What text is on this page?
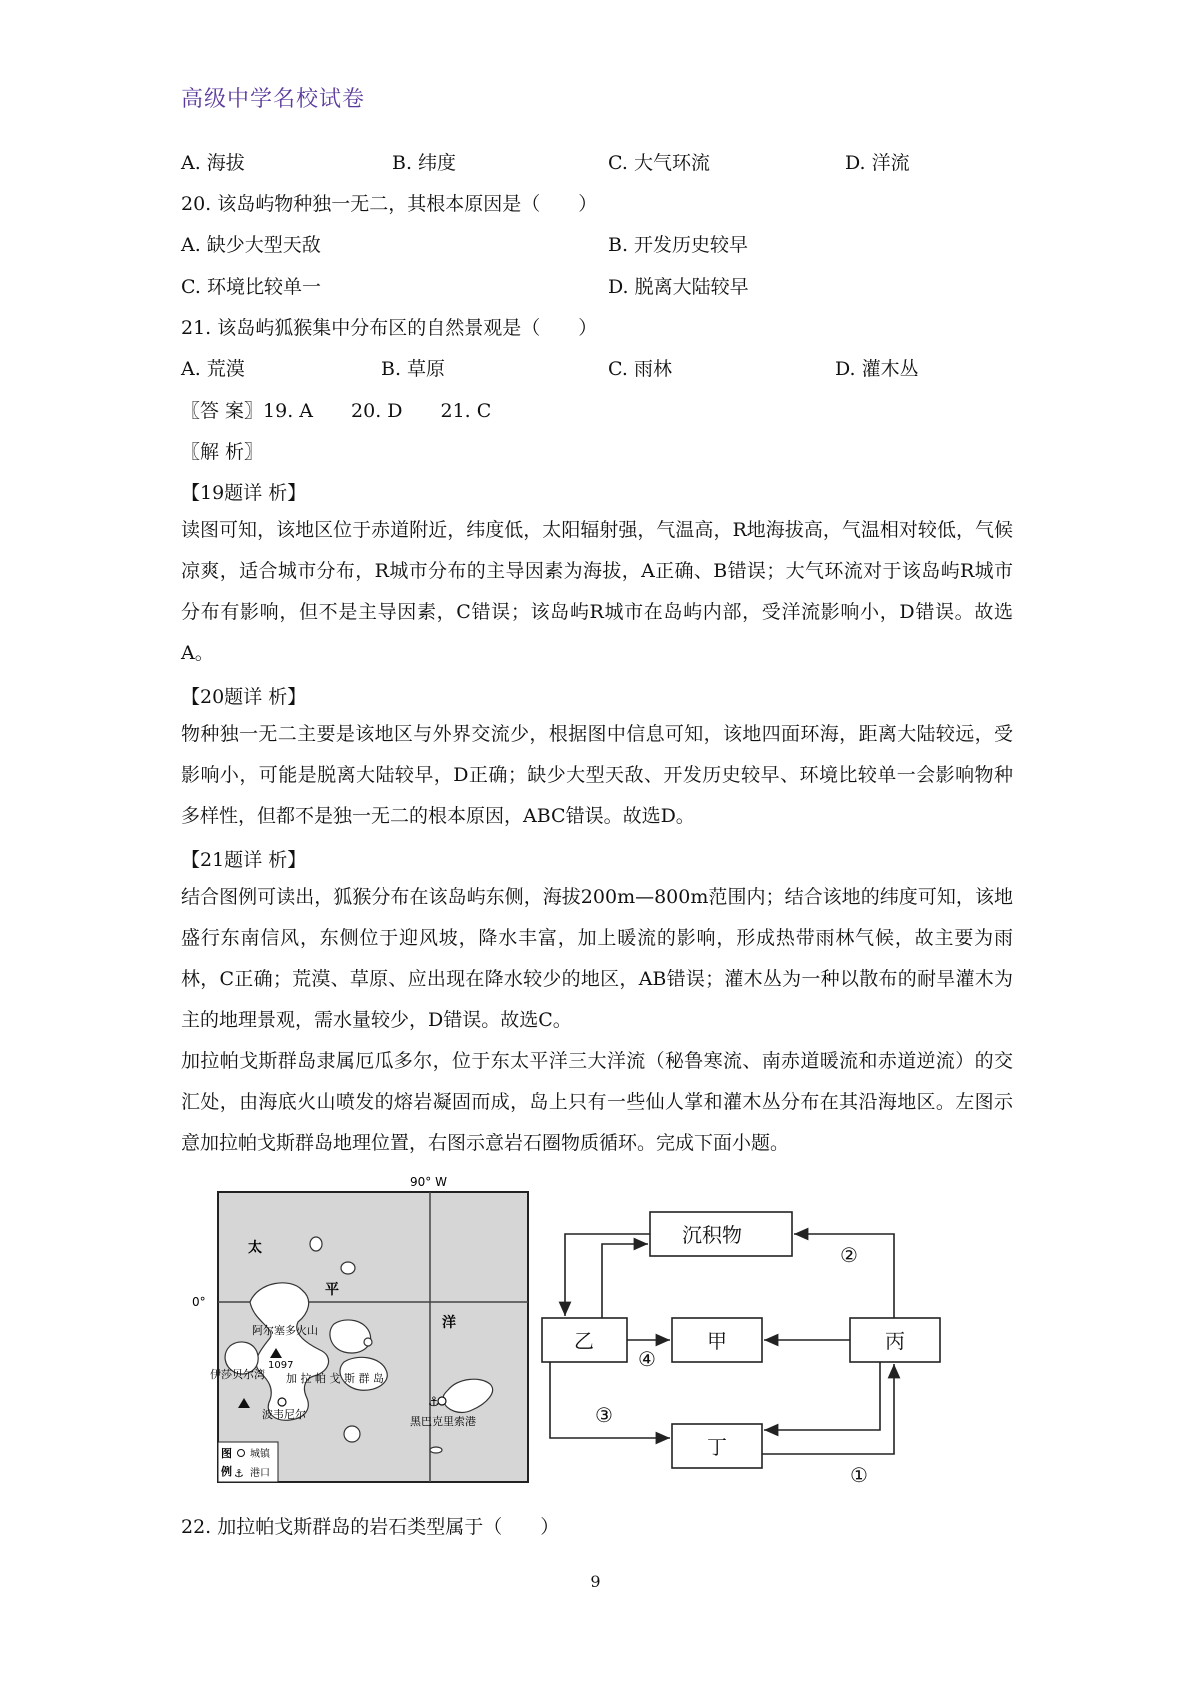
高级中学名校试卷
A. 海拔	B. 纬度	C. 大气环流	D. 洋流
20. 该岛屿物种独一无二，其根本原因是（　　）
A. 缺少大型天敌	B. 开发历史较早
C. 环境比较单一	D. 脱离大陆较早
21. 该岛屿狐猴集中分布区的自然景观是（　　）
A. 荒漠	B. 草原	C. 雨林	D. 灌木丛
〖答 案〗19. A　　20. D　　21. C
〖解 析〗
【19题详 析】
读图可知，该地区位于赤道附近，纬度低，太阳辐射强，气温高，R地海拔高，气温相对较低，气候凉爽，适合城市分布，R城市分布的主导因素为海拔，A正确、B错误；大气环流对于该岛屿R城市分布有影响，但不是主导因素，C错误；该岛屿R城市在岛屿内部，受洋流影响小，D错误。故选A。
【20题详 析】
物种独一无二主要是该地区与外界交流少，根据图中信息可知，该地四面环海，距离大陆较远，受影响小，可能是脱离大陆较早，D正确；缺少大型天敌、开发历史较早、环境比较单一会影响物种多样性，但都不是独一无二的根本原因，ABC错误。故选D。
【21题详 析】
结合图例可读出，狐猴分布在该岛屿东侧，海拔200m—800m范围内；结合该地的纬度可知，该地盛行东南信风，东侧位于迎风坡，降水丰富，加上暖流的影响，形成热带雨林气候，故主要为雨林，C正确；荒漠、草原、应出现在降水较少的地区，AB错误；灌木丛为一种以散布的耐旱灌木为主的地理景观，需水量较少，D错误。故选C。
加拉帕戈斯群岛隶属厄瓜多尔，位于东太平洋三大洋流（秘鲁寒流、南赤道暖流和赤道逆流）的交汇处，由海底火山喷发的熔岩凝固而成，岛上只有一些仙人掌和灌木丛分布在其沿海地区。左图示意加拉帕戈斯群岛地理位置，右图示意岩石圈物质循环。完成下面小题。
90° W
0°
太
平
洋
⚓
阿尔塞多火山
1097
伊莎贝尔湾 加 拉 帕 戈 斯 群 岛
波韦尼尔
黑巴克里索港
图
例 ⚓
城镇
港口
沉积物
乙	甲	丙
丁
①
②
③
④
22. 加拉帕戈斯群岛的岩石类型属于（　　）
9
